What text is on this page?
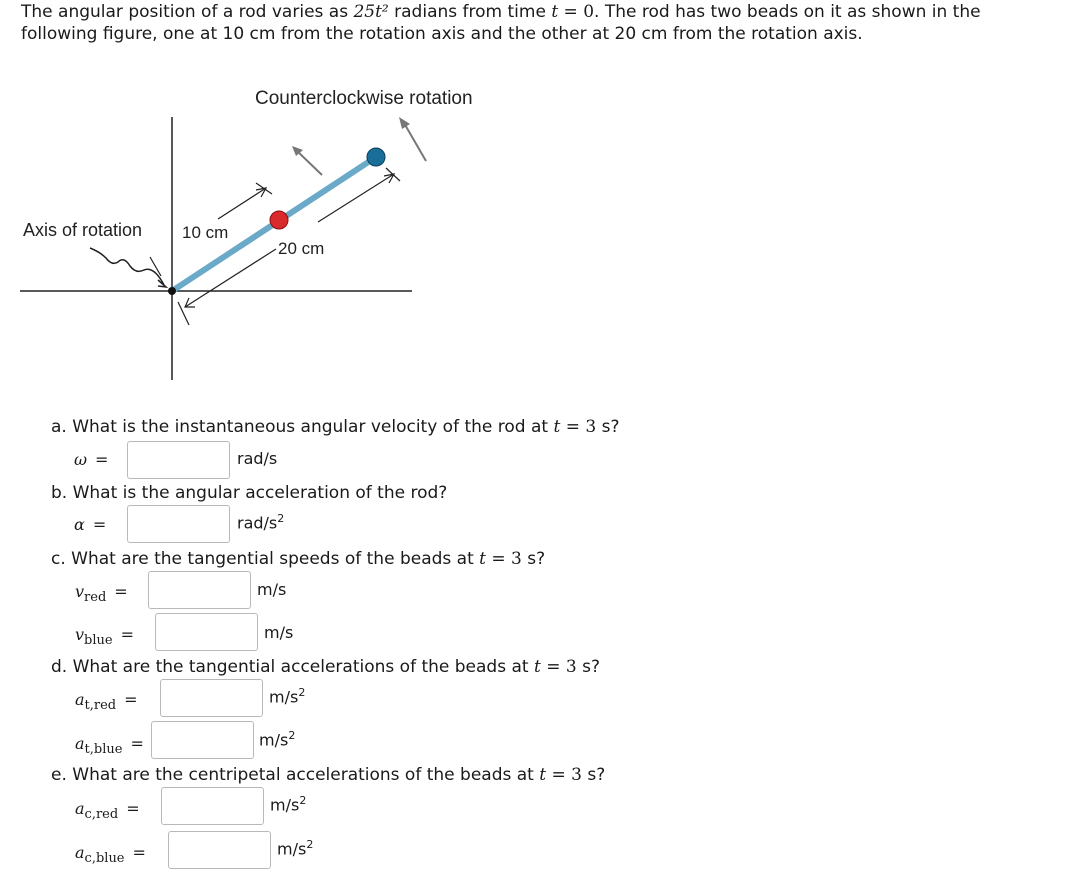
The angular position of a rod varies as 25t² radians from time t = 0. The rod has two beads on it as shown in the following figure, one at 10 cm from the rotation axis and the other at 20 cm from the rotation axis.
Counterclockwise rotation
Axis of rotation 10 cm
20 cm
a. What is the instantaneous angular velocity of the rod at t = 3 s?
ω =	rad/s
b. What is the angular acceleration of the rod?
α =	rad/$s^2$
c. What are the tangential speeds of the beads at t = 3 s?
$v_{red}$ =	m/s
$v_{blue}$ =	m/s
d. What are the tangential accelerations of the beads at t = 3 s?
$a_{t,red}$ =	$m/s^2$
$a_{t,blue}$ =	$m/s^2$
e. What are the centripetal accelerations of the beads at t = 3 s?
$a_{c,red}$ =	$m/s^2$
$a_{c,blue}$ =	$m/s^2$
